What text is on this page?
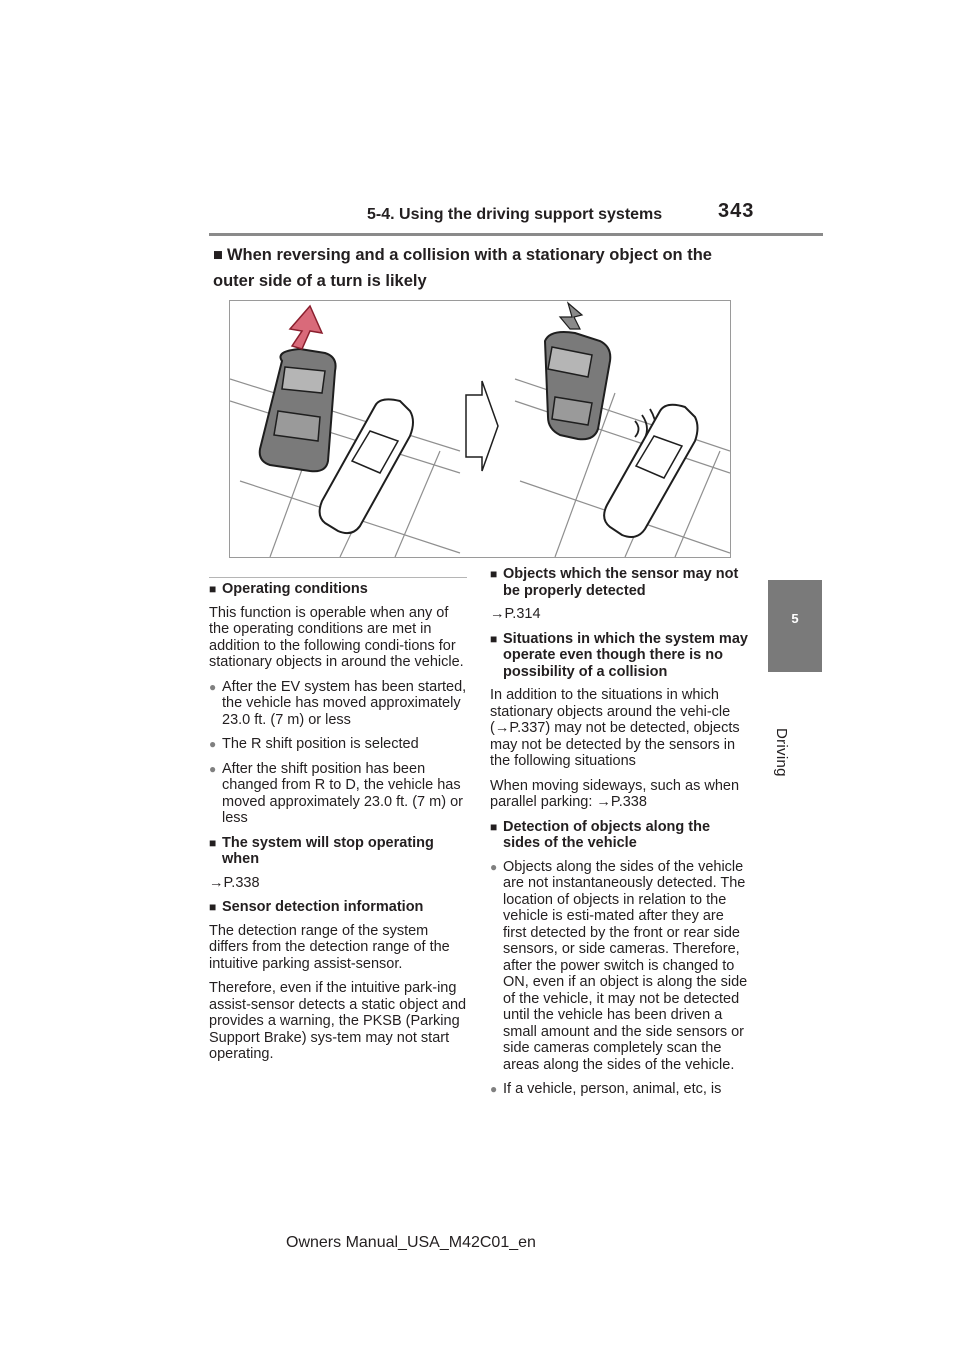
5-4. Using the driving support systems	343
5
Driving
■ When reversing and a collision with a stationary object on the outer side of a turn is likely
■ Operating conditions
This function is operable when any of the operating conditions are met in addition to the following condi-tions for stationary objects in around the vehicle.
● After the EV system has been started, the vehicle has moved approximately 23.0 ft. (7 m) or less
● The R shift position is selected
● After the shift position has been changed from R to D, the vehicle has moved approximately 23.0 ft. (7 m) or less
■ The system will stop operating when
→P.338
■ Sensor detection information
The detection range of the system differs from the detection range of the intuitive parking assist-sensor.
Therefore, even if the intuitive park-ing assist-sensor detects a static object and provides a warning, the PKSB (Parking Support Brake) sys-tem may not start operating.
■ Objects which the sensor may not be properly detected
→P.314
■ Situations in which the system may operate even though there is no possibility of a collision
In addition to the situations in which stationary objects around the vehi-cle (→P.337) may not be detected, objects may not be detected by the sensors in the following situations
When moving sideways, such as when parallel parking: →P.338
■ Detection of objects along the sides of the vehicle
● Objects along the sides of the vehicle are not instantaneously detected. The location of objects in relation to the vehicle is esti-mated after they are first detected by the front or rear side sensors, or side cameras. Therefore, after the power switch is changed to ON, even if an object is along the side of the vehicle, it may not be detected until the vehicle has been driven a small amount and the side sensors or side cameras completely scan the areas along the sides of the vehicle.
● If a vehicle, person, animal, etc, is
Owners Manual_USA_M42C01_en
